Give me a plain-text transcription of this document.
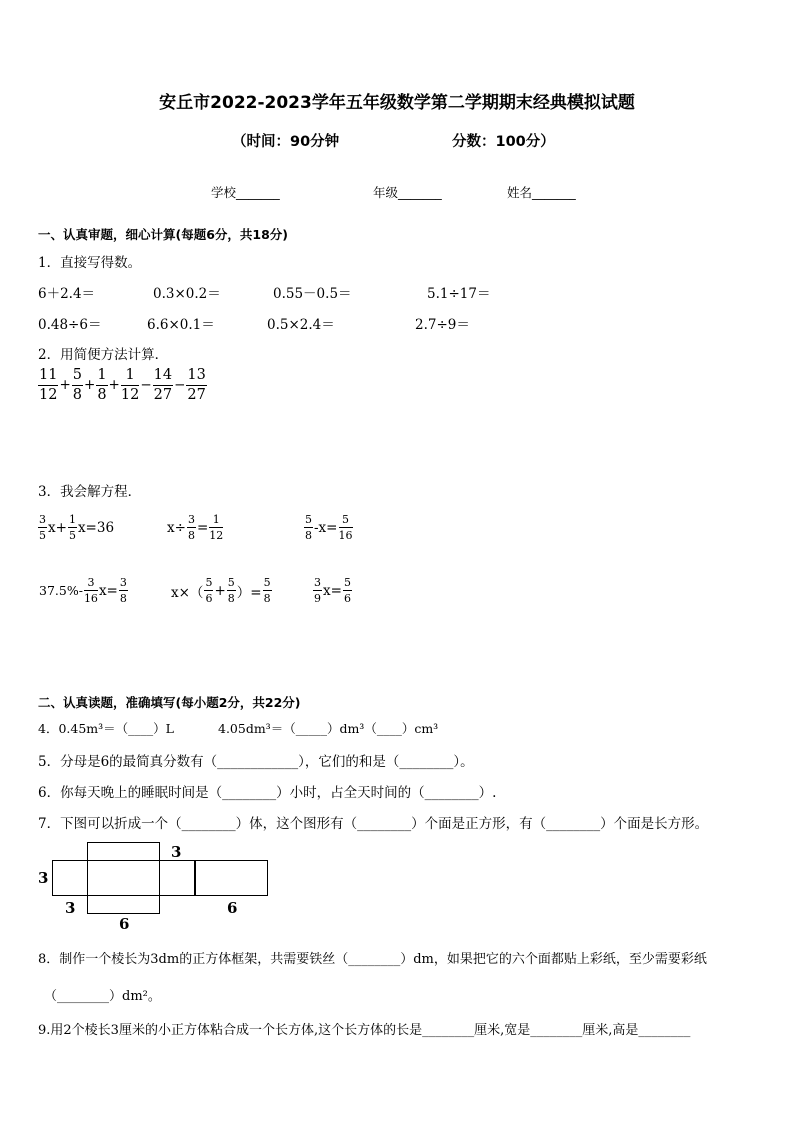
安丘市2022-2023学年五年级数学第二学期期末经典模拟试题
（时间：90分钟	分数：100分）
学校_______	年级_______	姓名_______
一、认真审题，细心计算(每题6分，共18分)
1．直接写得数。
6＋2.4＝	0.3×0.2＝	0.55－0.5＝	5.1÷17＝
0.48÷6＝	6.6×0.1＝	0.5×2.4＝	2.7÷9＝
2．用简便方法计算．
$\frac{11}{12} + \frac{5}{8} + \frac{1}{8} + \frac{1}{12} - \frac{14}{27} - \frac{13}{27}$
3．我会解方程．
$\frac{3}{5} x+ \frac{1}{5} x=36$	$x\div \frac{3}{8} = \frac{1}{12}$	$\frac{5}{8} -x= \frac{5}{16}$
$37.5\%- \frac{3}{16} x= \frac{3}{8}$	$x\times( \frac{5}{6} + \frac{5}{8}$ ）= $\frac{5}{8}$	$\frac{3}{9} x= \frac{5}{6}$
二、认真读题，准确填写(每小题2分，共22分)
4．0.45m³＝（____）L	4.05dm³＝（_____）dm³（____）cm³
5．分母是6的最简真分数有（____________），它们的和是（________）。
6．你每天晚上的睡眠时间是（________）小时，占全天时间的（________）.
7．下图可以折成一个（________）体，这个图形有（________）个面是正方形，有（________）个面是长方形。
3
3
3
6
6
8．制作一个棱长为3dm的正方体框架，共需要铁丝（________）dm，如果把它的六个面都贴上彩纸，至少需要彩纸
（________）dm²。
9.用2个棱长3厘米的小正方体粘合成一个长方体,这个长方体的长是________厘米,宽是________厘米,高是________
